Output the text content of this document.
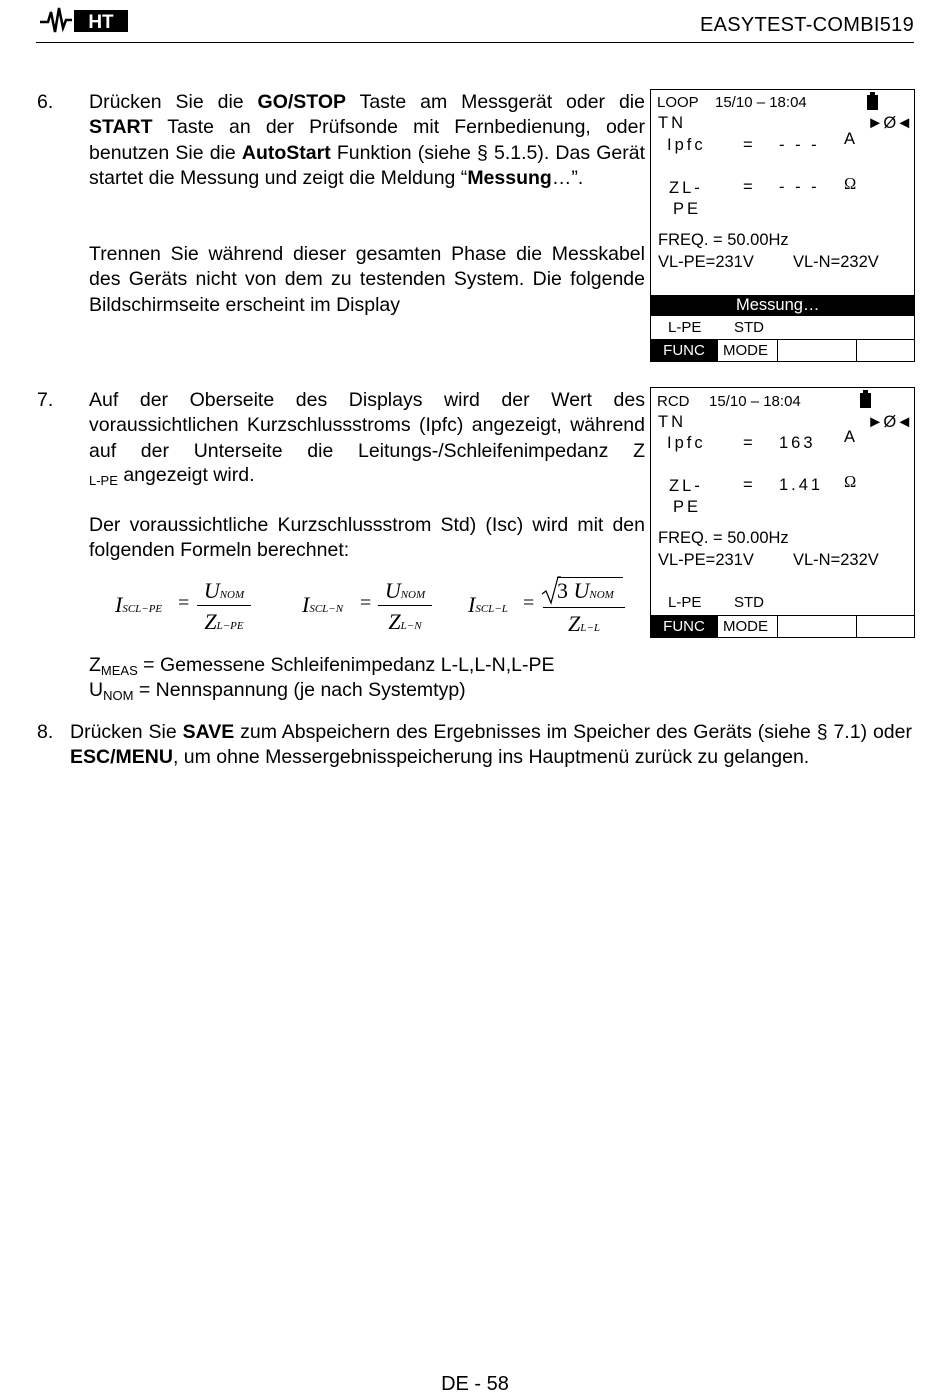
HT	EASYTEST-COMBI519
6. Drücken Sie die GO/STOP Taste am Messgerät oder die START Taste an der Prüfsonde mit Fernbedienung, oder benutzen Sie die AutoStart Funktion (siehe § 5.1.5). Das Gerät startet die Messung und zeigt die Meldung “Messung…”.
Trennen Sie während dieser gesamten Phase die Messkabel des Geräts nicht von dem zu testenden System. Die folgende Bildschirmseite erscheint im Display
LOOP 15/10 – 18:04
TN	►Ø◄
Ipfc = - - - A
ZL-
PE
= - - - Ω
FREQ. = 50.00Hz
VL-PE=231V VL-N=232V
Messung…
L-PE STD
FUNC	MODE
7. Auf der Oberseite des Displays wird der Wert des voraussichtlichen Kurzschlussstroms (Ipfc) angezeigt, während auf der Unterseite die Leitungs-/Schleifenimpedanz Z
$_{L-PE}$ angezeigt wird.
Der voraussichtliche Kurzschlussstrom Std) (Isc) wird mit den folgenden Formeln berechnet:
ISCL−PE = UNOM
ZL−PE
ISCL−N = UNOM
ZL−N
ISCL−L = 3 UNOM
ZL−L
$Z_{MEAS}$ = Gemessene Schleifenimpedanz L-L,L-N,L-PE
$U_{NOM}$ = Nennspannung (je nach Systemtyp)
RCD 15/10 – 18:04
TN	►Ø◄
Ipfc = 163 A
ZL-
PE
= 1.41 Ω
FREQ. = 50.00Hz
VL-PE=231V VL-N=232V
L-PE STD
FUNC	MODE
8. Drücken Sie SAVE zum Abspeichern des Ergebnisses im Speicher des Geräts (siehe § 7.1) oder ESC/MENU, um ohne Messergebnisspeicherung ins Hauptmenü zurück zu gelangen.
DE - 58
